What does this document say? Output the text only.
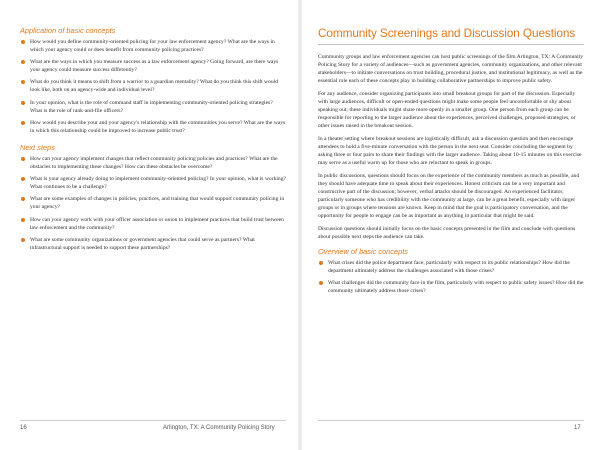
Application of basic concepts
How would you define community-oriented policing for your law enforcement agency? What are the ways in which your agency could or does benefit from community policing practices?
What are the ways in which you measure success as a law enforcement agency? Going forward, are there ways your agency could measure success differently?
What do you think it means to shift from a warrior to a guardian mentality? What do you think this shift would look like, both on an agency-wide and individual level?
In your opinion, what is the role of command staff in implementing community-oriented policing strategies? What is the role of rank-and-file officers?
How would you describe your and your agency's relationship with the communities you serve? What are the ways in which this relationship could be improved to increase public trust?
Next steps
How can your agency implement changes that reflect community policing policies and practices? What are the obstacles to implementing these changes? How can these obstacles be overcome?
What is your agency already doing to implement community-oriented policing? In your opinion, what is working? What continues to be a challenge?
What are some examples of changes in policies, practices, and training that would support community policing in your agency?
How can your agency work with your officer association or union to implement practices that build trust between law enforcement and the community?
What are some community organizations or government agencies that could serve as partners? What infrastructural support is needed to support these partnerships?
Community Screenings and Discussion Questions

Community groups and law enforcement agencies can host public screenings of the film Arlington, TX: A Community Policing Story for a variety of audiences—such as government agencies, community organizations, and other relevant stakeholders—to initiate conversations on trust building, procedural justice, and institutional legitimacy, as well as the essential role each of these concepts play in building collaborative partnerships to improve public safety.

For any audience, consider organizing participants into small breakout groups for part of the discussion. Especially with large audiences, difficult or open-ended questions might make some people feel uncomfortable or shy about speaking out; these individuals might share more openly in a smaller group. One person from each group can be responsible for reporting to the larger audience about the experiences, perceived challenges, proposed strategies, or other issues raised in the breakout session.

In a theater setting where breakout sessions are logistically difficult, ask a discussion question and then encourage attendees to hold a five-minute conversation with the person in the next seat. Consider concluding the segment by asking three or four pairs to share their findings with the larger audience. Taking about 10-15 minutes on this exercise may serve as a useful warm up for those who are reluctant to speak in groups.

In public discussions, questions should focus on the experience of the community members as much as possible, and they should have adequate time to speak about their experiences. Honest criticism can be a very important and constructive part of the discussion; however, verbal attacks should be discouraged. An experienced facilitator, particularly someone who has credibility with the community at large, can be a great benefit, especially with larger groups or in groups where tensions are known. Keep in mind that the goal is participatory conversation, and the opportunity for people to engage can be as important as anything in particular that might be said.

Discussion questions should initially focus on the basic concepts presented in the film and conclude with questions about possible next steps the audience can take.

Overview of basic concepts
What crises did the police department face, particularly with respect to its public relationships? How did the department ultimately address the challenges associated with those crises?
What challenges did the community face in the film, particularly with respect to public safety issues? How did the community ultimately address those crises?
16	Arlington, TX: A Community Policing Story	17
